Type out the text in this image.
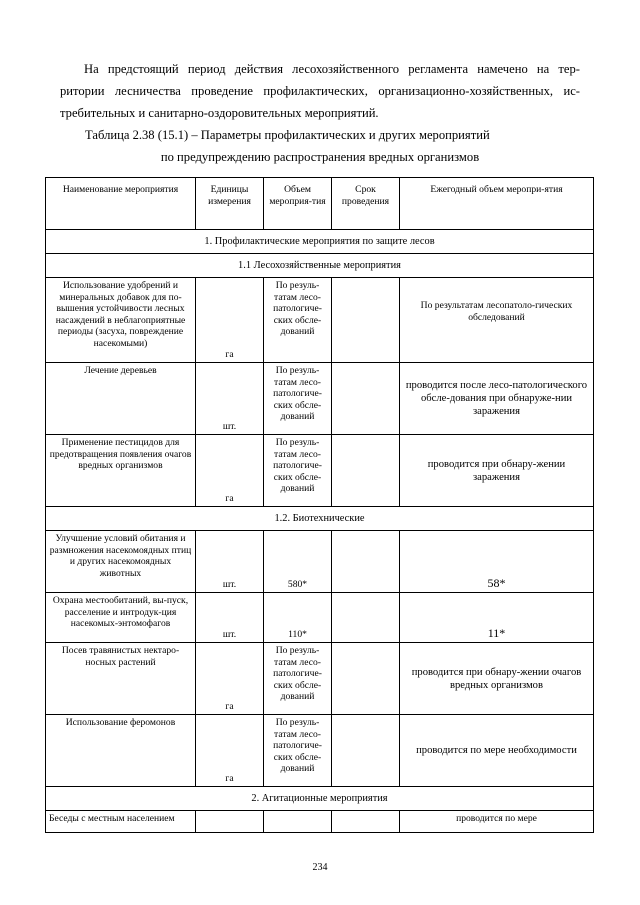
На предстоящий период действия лесохозяйственного регламента намечено на тер-
ритории лесничества проведение профилактических, организационно-хозяйственных, ис-
требительных и санитарно-оздоровительных мероприятий.
Таблица 2.38 (15.1) – Параметры профилактических и других мероприятий
по предупреждению распространения вредных организмов
Наименование мероприятия	Единицы измерения	Объем мероприя-тия	Срок проведения	Ежегодный объем меропри-ятия
1. Профилактические мероприятия по защите лесов				
1.1 Лесохозяйственные мероприятия				
Использование удобрений и минеральных добавок для по-вышения устойчивости лесных насаждений в неблагоприятные периоды (засуха, повреждение насекомыми)	га	По резуль-татам лесо-патологиче-ских обсле-дований		По результатам лесопатоло-гических обследований
Лечение деревьев	шт.	По резуль-татам лесо-патологиче-ских обсле-дований		проводится после лесо-патологического обсле-дования при обнаруже-нии заражения
Применение пестицидов для предотвращения появления очагов вредных организмов	га	По резуль-татам лесо-патологиче-ских обсле-дований		проводится при обнару-жении заражения
1.2. Биотехнические				
Улучшение условий обитания и размножения насекомоядных птиц и других насекомоядных животных	шт.	580*		58*
Охрана местообитаний, вы-пуск, расселение и интродук-ция насекомых-энтомофагов	шт.	110*		11*
Посев травянистых нектаро-носных растений	га	По резуль-татам лесо-патологиче-ских обсле-дований		проводится при обнару-жении очагов вредных организмов
Использование феромонов	га	По резуль-татам лесо-патологиче-ских обсле-дований		проводится по мере необходимости
2. Агитационные мероприятия				
Беседы с местным населением				проводится по мере
234
